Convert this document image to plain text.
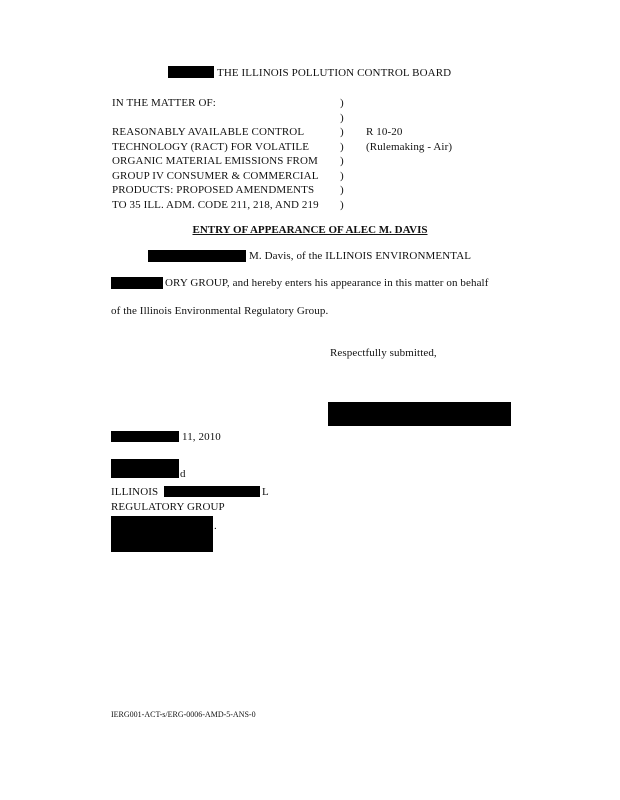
THE ILLINOIS POLLUTION CONTROL BOARD
IN THE MATTER OF:
REASONABLY AVAILABLE CONTROL
TECHNOLOGY (RACT) FOR VOLATILE
ORGANIC MATERIAL EMISSIONS FROM
GROUP IV CONSUMER & COMMERCIAL
PRODUCTS: PROPOSED AMENDMENTS
TO 35 ILL. ADM. CODE 211, 218, AND 219
)
)
)
)
)
)
)
)
R 10-20
(Rulemaking - Air)
ENTRY OF APPEARANCE OF ALEC M. DAVIS
M. Davis, of the ILLINOIS ENVIRONMENTAL
ORY GROUP, and hereby enters his appearance in this matter on behalf
of the Illinois Environmental Regulatory Group.
Respectfully submitted,
11, 2010
d
ILLINOIS	L
REGULATORY GROUP
.
IERG001-ACT-s/ERG-0006-AMD-5-ANS-0
